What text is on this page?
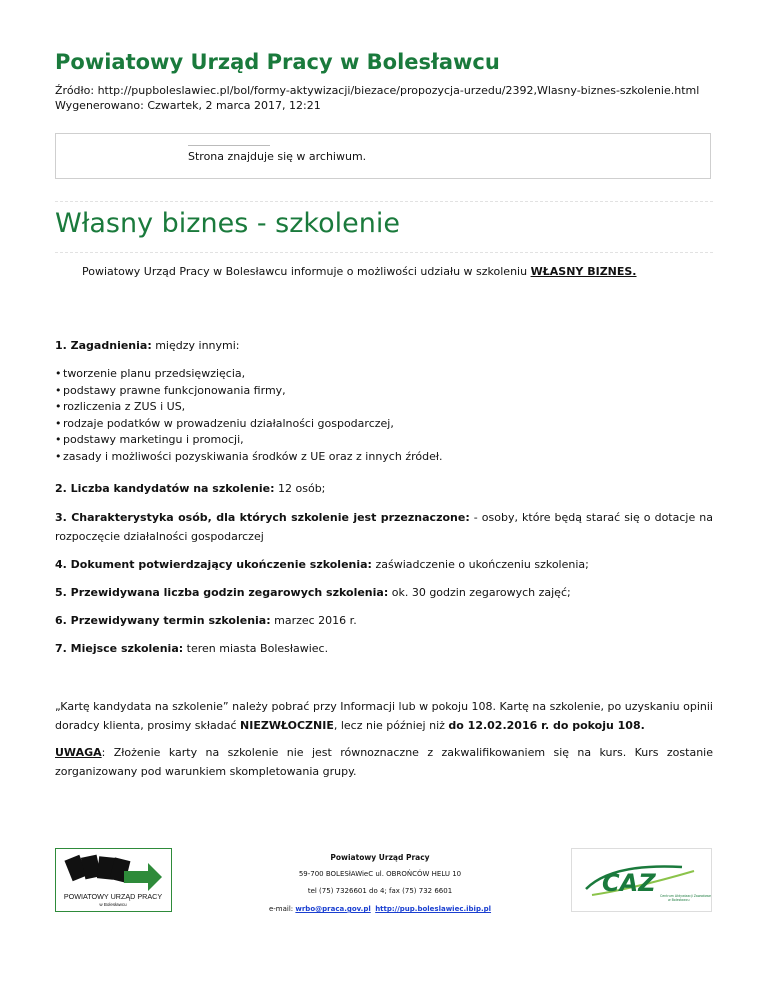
Powiatowy Urząd Pracy w Bolesławcu
Źródło: http://pupboleslawiec.pl/bol/formy-aktywizacji/biezace/propozycja-urzedu/2392,Wlasny-biznes-szkolenie.html
Wygenerowano: Czwartek, 2 marca 2017, 12:21
Strona znajduje się w archiwum.
Własny biznes - szkolenie
Powiatowy Urząd Pracy w Bolesławcu informuje o możliwości udziału w szkoleniu WŁASNY BIZNES.
1. Zagadnienia: między innymi:
• tworzenie planu przedsięwzięcia,
• podstawy prawne funkcjonowania firmy,
• rozliczenia z ZUS i US,
• rodzaje podatków w prowadzeniu działalności gospodarczej,
• podstawy marketingu i promocji,
• zasady i możliwości pozyskiwania środków z UE oraz z innych źródeł.
2. Liczba kandydatów na szkolenie: 12 osób;
3. Charakterystyka osób, dla których szkolenie jest przeznaczone: - osoby, które będą starać się o dotacje na rozpoczęcie działalności gospodarczej
4. Dokument potwierdzający ukończenie szkolenia: zaświadczenie o ukończeniu szkolenia;
5. Przewidywana liczba godzin zegarowych szkolenia: ok. 30 godzin zegarowych zajęć;
6. Przewidywany termin szkolenia: marzec 2016 r.
7. Miejsce szkolenia: teren miasta Bolesławiec.
„Kartę kandydata na szkolenie” należy pobrać przy Informacji lub w pokoju 108. Kartę na szkolenie, po uzyskaniu opinii doradcy klienta, prosimy składać NIEZWŁOCZNIE, lecz nie później niż do 12.02.2016 r. do pokoju 108.
UWAGA: Złożenie karty na szkolenie nie jest równoznaczne z zakwalifikowaniem się na kurs. Kurs zostanie zorganizowany pod warunkiem skompletowania grupy.
POWIATOWY URZĄD PRACY
w Bolesławcu
Powiatowy Urząd Pracy
59-700 BOLESłAWieC ul. OBROŃCÓW HELU 10
tel (75) 7326601 do 4; fax (75) 732 6601
e-mail: wrbo@praca.gov.pl http://pup.boleslawiec.ibip.pl
CAZ Centrum Aktywizacji Zawodowej
w Bolesławcu
